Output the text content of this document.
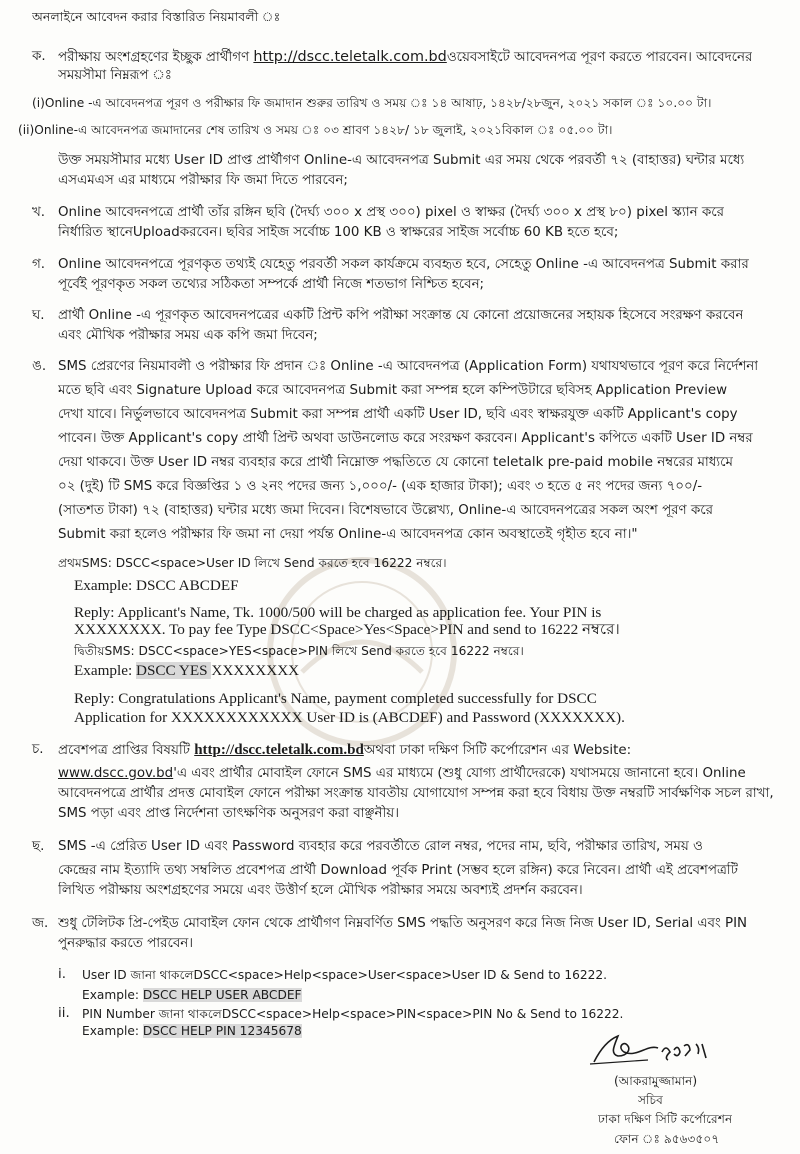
অনলাইনে আবেদন করার বিস্তারিত নিয়মাবলী ঃ
ক. পরীক্ষায় অংশগ্রহণের ইচ্ছুক প্রার্থীগণ http://dscc.teletalk.com.bdওয়েবসাইটে আবেদনপত্র পূরণ করতে পারবেন। আবেদনের
সময়সীমা নিম্নরূপ ঃ
(i)Online -এ আবেদনপত্র পূরণ ও পরীক্ষার ফি জমাদান শুরুর তারিখ ও সময় ঃ ১৪ আষাঢ়, ১৪২৮/২৮জুন, ২০২১ সকাল ঃ ১০.০০ টা।
(ii)Online-এ আবেদনপত্র জমাদানের শেষ তারিখ ও সময় ঃ ০৩ শ্রাবণ ১৪২৮/ ১৮ জুলাই, ২০২১বিকাল ঃ ০৫.০০ টা।
উক্ত সময়সীমার মধ্যে User ID প্রাপ্ত প্রার্থীগণ Online-এ আবেদনপত্র Submit এর সময় থেকে পরবর্তী ৭২ (বাহাত্তর) ঘন্টার মধ্যে
এসএমএস এর মাধ্যমে পরীক্ষার ফি জমা দিতে পারবেন;
খ. Online আবেদনপত্রে প্রার্থী তাঁর রঙ্গিন ছবি (দৈর্ঘ্য ৩০০ x প্রস্থ ৩০০) pixel ও স্বাক্ষর (দৈর্ঘ্য ৩০০ x প্রস্থ ৮০) pixel স্ক্যান করে
নির্ধারিত স্থানেUploadকরবেন। ছবির সাইজ সর্বোচ্চ 100 KB ও স্বাক্ষরের সাইজ সর্বোচ্চ 60 KB হতে হবে;
গ. Online আবেদনপত্রে পূরণকৃত তথ্যই যেহেতু পরবর্তী সকল কার্যক্রমে ব্যবহৃত হবে, সেহেতু Online -এ আবেদনপত্র Submit করার
পূর্বেই পূরণকৃত সকল তথ্যের সঠিকতা সম্পর্কে প্রার্থী নিজে শতভাগ নিশ্চিত হবেন;
ঘ. প্রার্থী Online -এ পূরণকৃত আবেদনপত্রের একটি প্রিন্ট কপি পরীক্ষা সংক্রান্ত যে কোনো প্রয়োজনের সহায়ক হিসেবে সংরক্ষণ করবেন
এবং মৌখিক পরীক্ষার সময় এক কপি জমা দিবেন;
ঙ. SMS প্রেরণের নিয়মাবলী ও পরীক্ষার ফি প্রদান ঃ Online -এ আবেদনপত্র (Application Form) যথাযথভাবে পূরণ করে নির্দেশনা
মতে ছবি এবং Signature Upload করে আবেদনপত্র Submit করা সম্পন্ন হলে কম্পিউটারে ছবিসহ Application Preview
দেখা যাবে। নির্ভুলভাবে আবেদনপত্র Submit করা সম্পন্ন প্রার্থী একটি User ID, ছবি এবং স্বাক্ষরযুক্ত একটি Applicant's copy
পাবেন। উক্ত Applicant's copy প্রার্থী প্রিন্ট অথবা ডাউনলোড করে সংরক্ষণ করবেন। Applicant's কপিতে একটি User ID নম্বর
দেয়া থাকবে। উক্ত User ID নম্বর ব্যবহার করে প্রার্থী নিম্নোক্ত পদ্ধতিতে যে কোনো teletalk pre-paid mobile নম্বরের মাধ্যমে
০২ (দুই) টি SMS করে বিজ্ঞপ্তির ১ ও ২নং পদের জন্য ১,০০০/- (এক হাজার টাকা); এবং ৩ হতে ৫ নং পদের জন্য ৭০০/-
(সাতশত টাকা) ৭২ (বাহাত্তর) ঘন্টার মধ্যে জমা দিবেন। বিশেষভাবে উল্লেখ্য, Online-এ আবেদনপত্রের সকল অংশ পূরণ করে
Submit করা হলেও পরীক্ষার ফি জমা না দেয়া পর্যন্ত Online-এ আবেদনপত্র কোন অবস্থাতেই গৃহীত হবে না।"
প্রথমSMS: DSCC<space>User ID লিখে Send করতে হবে 16222 নম্বরে।
Example: DSCC ABCDEF
Reply: Applicant's Name, Tk. 1000/500 will be charged as application fee. Your PIN is
XXXXXXXX. To pay fee Type DSCC<Space>Yes<Space>PIN and send to 16222 নম্বরে।
দ্বিতীয়SMS: DSCC<space>YES<space>PIN লিখে Send করতে হবে 16222 নম্বরে।
Example: DSCC YES XXXXXXXX
Reply: Congratulations Applicant's Name, payment completed successfully for DSCC
Application for XXXXXXXXXXXX User ID is (ABCDEF) and Password (XXXXXXX).
চ. প্রবেশপত্র প্রাপ্তির বিষয়টি http://dscc.teletalk.com.bdঅথবা ঢাকা দক্ষিণ সিটি কর্পোরেশন এর Website:
www.dscc.gov.bd'এ এবং প্রার্থীর মোবাইল ফোনে SMS এর মাধ্যমে (শুধু যোগ্য প্রার্থীদেরকে) যথাসময়ে জানানো হবে। Online
আবেদনপত্রে প্রার্থীর প্রদত্ত মোবাইল ফোনে পরীক্ষা সংক্রান্ত যাবতীয় যোগাযোগ সম্পন্ন করা হবে বিধায় উক্ত নম্বরটি সার্বক্ষণিক সচল রাখা,
SMS পড়া এবং প্রাপ্ত নির্দেশনা তাৎক্ষণিক অনুসরণ করা বাঞ্ছনীয়।
ছ. SMS -এ প্রেরিত User ID এবং Password ব্যবহার করে পরবর্তীতে রোল নম্বর, পদের নাম, ছবি, পরীক্ষার তারিখ, সময় ও
কেন্দ্রের নাম ইত্যাদি তথ্য সম্বলিত প্রবেশপত্র প্রার্থী Download পূর্বক Print (সম্ভব হলে রঙ্গিন) করে নিবেন। প্রার্থী এই প্রবেশপত্রটি
লিখিত পরীক্ষায় অংশগ্রহণের সময়ে এবং উত্তীর্ণ হলে মৌখিক পরীক্ষার সময়ে অবশ্যই প্রদর্শন করবেন।
জ. শুধু টেলিটক প্রি-পেইড মোবাইল ফোন থেকে প্রার্থীগণ নিম্নবর্ণিত SMS পদ্ধতি অনুসরণ করে নিজ নিজ User ID, Serial এবং PIN
পুনরুদ্ধার করতে পারবেন।
i. User ID জানা থাকলেDSCC<space>Help<space>User<space>User ID & Send to 16222.
Example: DSCC HELP USER ABCDEF
ii. PIN Number জানা থাকলেDSCC<space>Help<space>PIN<space>PIN No & Send to 16222.
Example: DSCC HELP PIN 12345678
(আকরামুজ্জামান)
সচিব
ঢাকা দক্ষিণ সিটি কর্পোরেশন
ফোন ঃ ৯৫৬৩৫০৭
